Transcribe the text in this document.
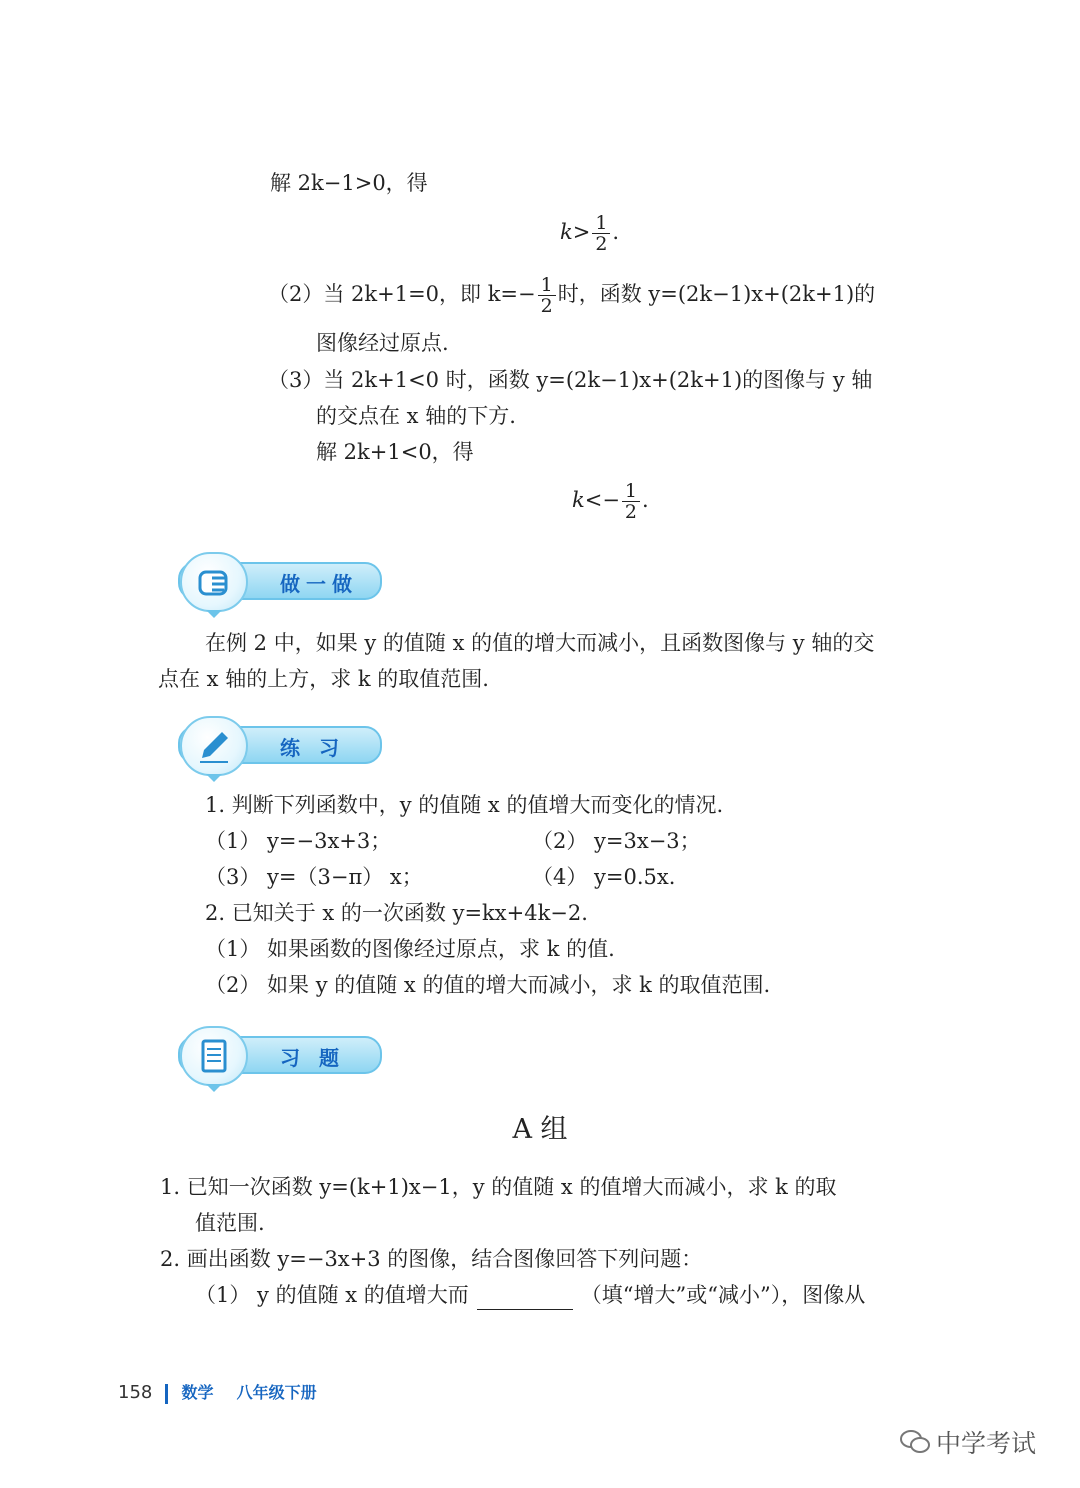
解 2k−1>0，得
$k> \frac{1}{2}$ .
（2）当 2k+1=0，即 $k=- \frac{1}{2}$ 时，函数 y=(2k−1)x+(2k+1)的
图像经过原点.
（3）当 2k+1<0 时，函数 y=(2k−1)x+(2k+1)的图像与 y 轴
的交点在 x 轴的下方.
解 2k+1<0，得
$k<- \frac{1}{2}$ .
做一做
在例 2 中，如果 y 的值随 x 的值的增大而减小，且函数图像与 y 轴的交
点在 x 轴的上方，求 k 的取值范围.
练 习
1. 判断下列函数中，y 的值随 x 的值增大而变化的情况.
（1） y=−3x+3；	（2） y=3x−3；
（3） y=（3−π） x；	（4） y=0.5x.
2. 已知关于 x 的一次函数 y=kx+4k−2.
（1） 如果函数的图像经过原点，求 k 的值.
（2） 如果 y 的值随 x 的值的增大而减小，求 k 的取值范围.
习 题
A 组
1. 已知一次函数 y=(k+1)x−1，y 的值随 x 的值增大而减小，求 k 的取
值范围.
2. 画出函数 y=−3x+3 的图像，结合图像回答下列问题：
（1） y 的值随 x 的值增大而	（填“增大”或“减小”），图像从
158 数学 八年级下册
中学考试
